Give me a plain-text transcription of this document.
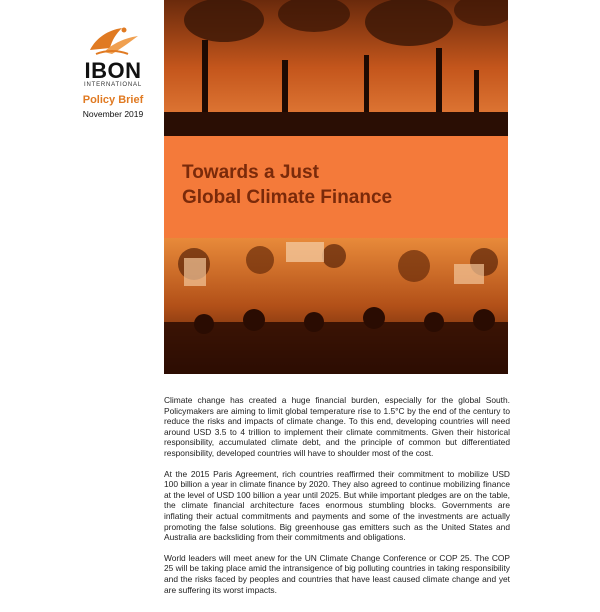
IBON
INTERNATIONAL
Policy Brief
November 2019
Towards a Just
Global Climate Finance

Climate change has created a huge financial burden, especially for the global South. Policymakers are aiming to limit global temperature rise to 1.5°C by the end of the century to reduce the risks and impacts of climate change. To this end, developing countries will need around USD 3.5 to 4 trillion to implement their climate commitments. Given their historical responsibility, accumulated climate debt, and the principle of common but differentiated responsibility, developed countries will have to shoulder most of the cost.

At the 2015 Paris Agreement, rich countries reaffirmed their commitment to mobilize USD 100 billion a year in climate finance by 2020. They also agreed to continue mobilizing finance at the level of USD 100 billion a year until 2025. But while important pledges are on the table, the climate financial architecture faces enormous stumbling blocks. Governments are inflating their actual commitments and payments and some of the investments are actually promoting the false solutions. Big greenhouse gas emitters such as the United States and Australia are backsliding from their commitments and obligations.

World leaders will meet anew for the UN Climate Change Conference or COP 25. The COP 25 will be taking place amid the intransigence of big polluting countries in taking responsibility and the risks faced by peoples and countries that have least caused climate change and yet are suffering its worst impacts.
